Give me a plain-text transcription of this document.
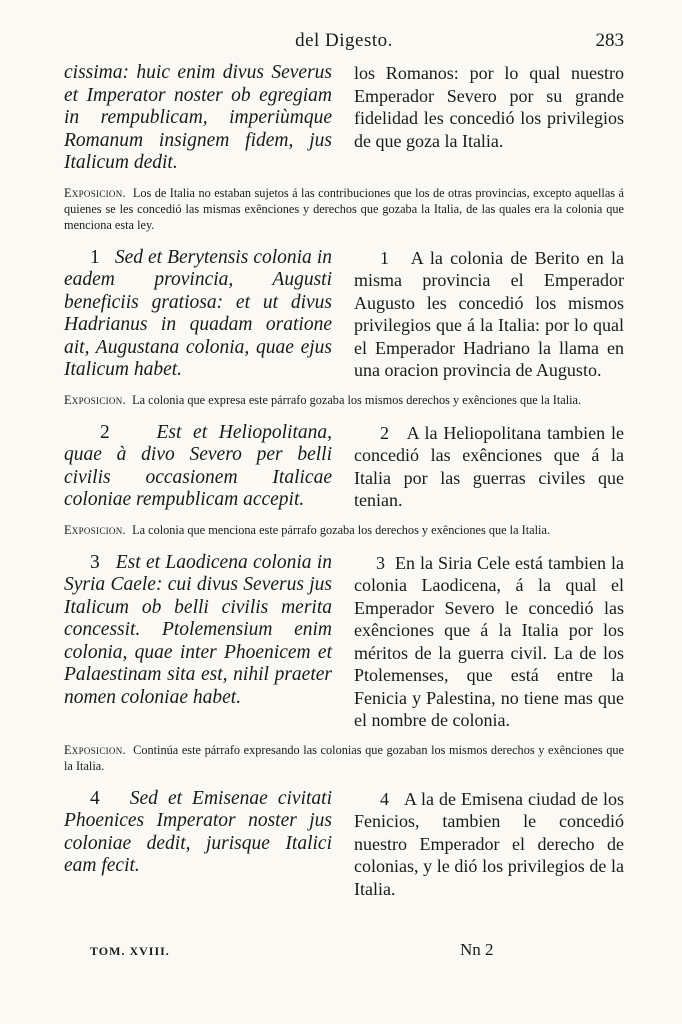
del Digesto.	283
cissima: huic enim divus Severus et Imperator noster ob egregiam in rempublicam, imperiùmque Romanum insignem fidem, jus Italicum dedit.
los Romanos: por lo qual nuestro Emperador Severo por su grande fidelidad les concedió los privilegios de que goza la Italia.
Exposicion. Los de Italia no estaban sujetos á las contribuciones que los de otras provincias, excepto aquellas á quienes se les concedió las mismas exênciones y derechos que gozaba la Italia, de las quales era la colonia que menciona esta ley.
1 Sed et Berytensis colonia in eadem provincia, Augusti beneficiis gratiosa: et ut divus Hadrianus in quadam oratione ait, Augustana colonia, quae ejus Italicum habet.
1 A la colonia de Berito en la misma provincia el Emperador Augusto les concedió los mismos privilegios que á la Italia: por lo qual el Emperador Hadriano la llama en una oracion provincia de Augusto.
Exposicion. La colonia que expresa este párrafo gozaba los mismos derechos y exênciones que la Italia.
2 Est et Heliopolitana, quae à divo Severo per belli civilis occasionem Italicae coloniae rempublicam accepit.
2 A la Heliopolitana tambien le concedió las exênciones que á la Italia por las guerras civiles que tenian.
Exposicion. La colonia que menciona este párrafo gozaba los derechos y exênciones que la Italia.
3 Est et Laodicena colonia in Syria Caele: cui divus Severus jus Italicum ob belli civilis merita concessit. Ptolemensium enim colonia, quae inter Phoenicem et Palaestinam sita est, nihil praeter nomen coloniae habet.
3 En la Siria Cele está tambien la colonia Laodicena, á la qual el Emperador Severo le concedió las exênciones que á la Italia por los méritos de la guerra civil. La de los Ptolemenses, que está entre la Fenicia y Palestina, no tiene mas que el nombre de colonia.
Exposicion. Continúa este párrafo expresando las colonias que gozaban los mismos derechos y exênciones que la Italia.
4 Sed et Emisenae civitati Phoenices Imperator noster jus coloniae dedit, jurisque Italici eam fecit.
4 A la de Emisena ciudad de los Fenicios, tambien le concedió nuestro Emperador el derecho de colonias, y le dió los privilegios de la Italia.
TOM. XVIII.	Nn 2
